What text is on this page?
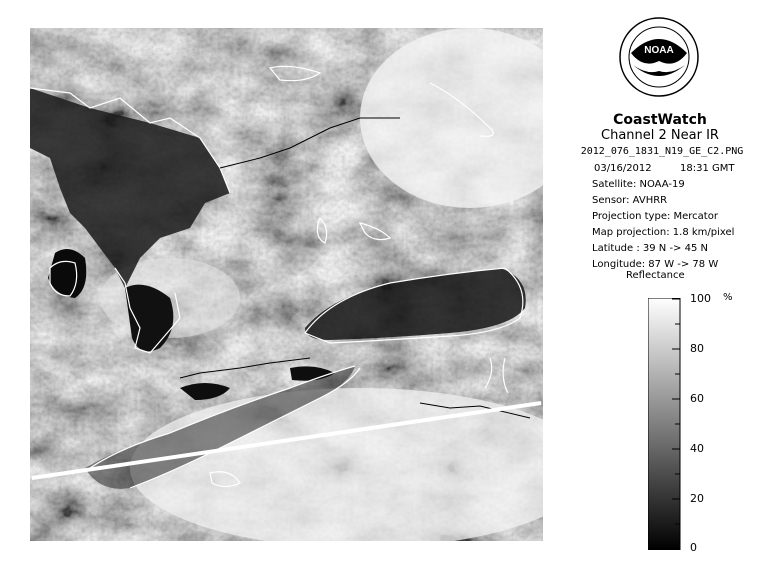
NOAA
CoastWatch
Channel 2 Near IR
2012_076_1831_N19_GE_C2.PNG
03/16/2012	18:31 GMT
Satellite: NOAA-19
Sensor: AVHRR
Projection type: Mercator
Map projection: 1.8 km/pixel
Latitude : 39 N -> 45 N
Longitude: 87 W -> 78 W
Reflectance
%
100
80
60
40
20
0
